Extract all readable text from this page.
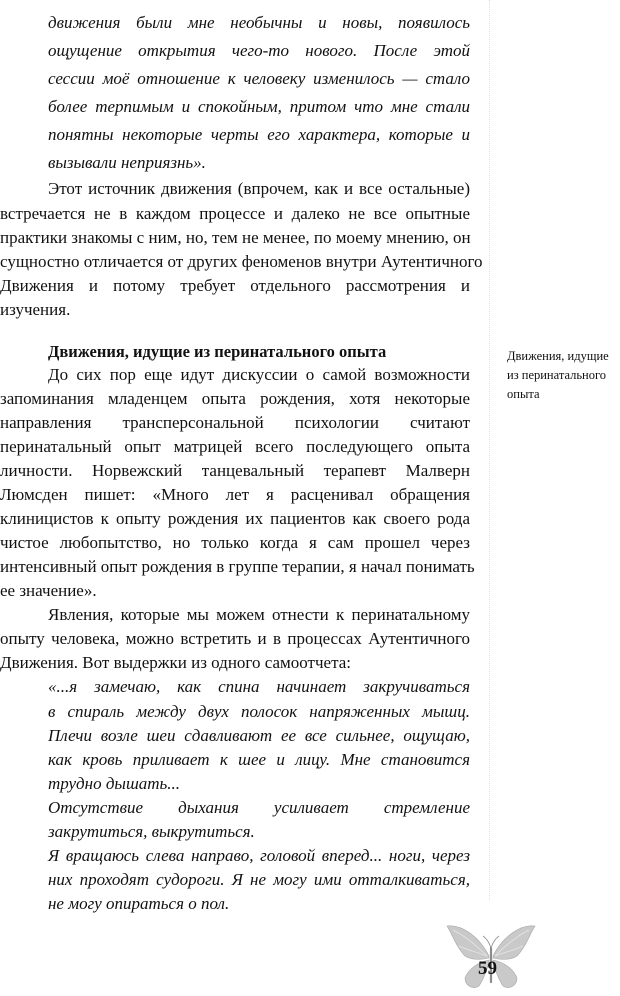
движения были мне необычны и новы, появилось
ощущение открытия чего-то нового. После этой
сессии моё отношение к человеку изменилось — стало
более терпимым и спокойным, притом что мне стали
понятны некоторые черты его характера, которые и
вызывали неприязнь».
Этот источник движения (впрочем, как и все остальные)
встречается не в каждом процессе и далеко не все опытные
практики знакомы с ним, но, тем не менее, по моему мнению, он
сущностно отличается от других феноменов внутри Аутентичного
Движения и потому требует отдельного рассмотрения и
изучения.
Движения, идущие из перинатального опыта
До сих пор еще идут дискуссии о самой возможности
запоминания младенцем опыта рождения, хотя некоторые
направления трансперсональной психологии считают
перинатальный опыт матрицей всего последующего опыта
личности. Норвежский танцевальный терапевт Малверн
Люмсден пишет: «Много лет я расценивал обращения
клиницистов к опыту рождения их пациентов как своего рода
чистое любопытство, но только когда я сам прошел через
интенсивный опыт рождения в группе терапии, я начал понимать
ее значение».
Явления, которые мы можем отнести к перинатальному
опыту человека, можно встретить и в процессах Аутентичного
Движения. Вот выдержки из одного самоотчета:
«...я замечаю, как спина начинает закручиваться
в спираль между двух полосок напряженных мышц.
Плечи возле шеи сдавливают ее все сильнее, ощущаю,
как кровь приливает к шее и лицу. Мне становится
трудно дышать...
Отсутствие дыхания усиливает стремление
закрутиться, выкрутиться.
Я вращаюсь слева направо, головой вперед... ноги, через
них проходят судороги. Я не могу ими отталкиваться,
не могу опираться о пол.
Движения, идущие
из перинатального
опыта
59
